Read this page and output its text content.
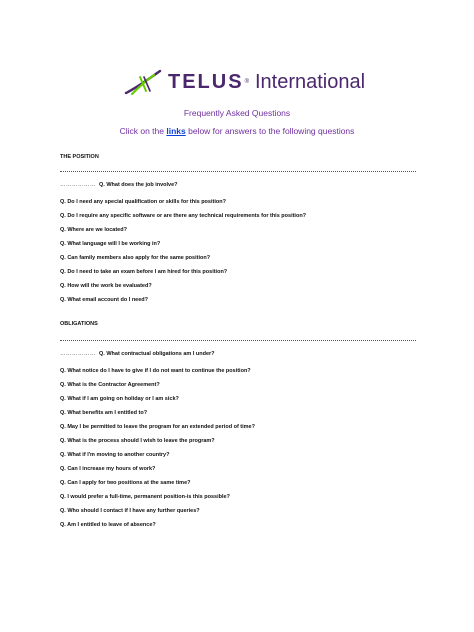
TELUS ® International
Frequently Asked Questions
Click on the links below for answers to the following questions
THE POSITION
……………… Q. What does the job involve?
Q. Do I need any special qualification or skills for this position?
Q. Do I require any specific software or are there any technical requirements for this position?
Q. Where are we located?
Q. What language will I be working in?
Q. Can family members also apply for the same position?
Q. Do I need to take an exam before I am hired for this position?
Q. How will the work be evaluated?
Q. What email account do I need?
OBLIGATIONS
……………… Q. What contractual obligations am I under?
Q. What notice do I have to give if I do not want to continue the position?
Q. What is the Contractor Agreement?
Q. What if I am going on holiday or I am sick?
Q. What benefits am I entitled to?
Q. May I be permitted to leave the program for an extended period of time?
Q. What is the process should I wish to leave the program?
Q. What if I'm moving to another country?
Q. Can I increase my hours of work?
Q. Can I apply for two positions at the same time?
Q. I would prefer a full-time, permanent position-is this possible?
Q. Who should I contact if I have any further queries?
Q. Am I entitled to leave of absence?
